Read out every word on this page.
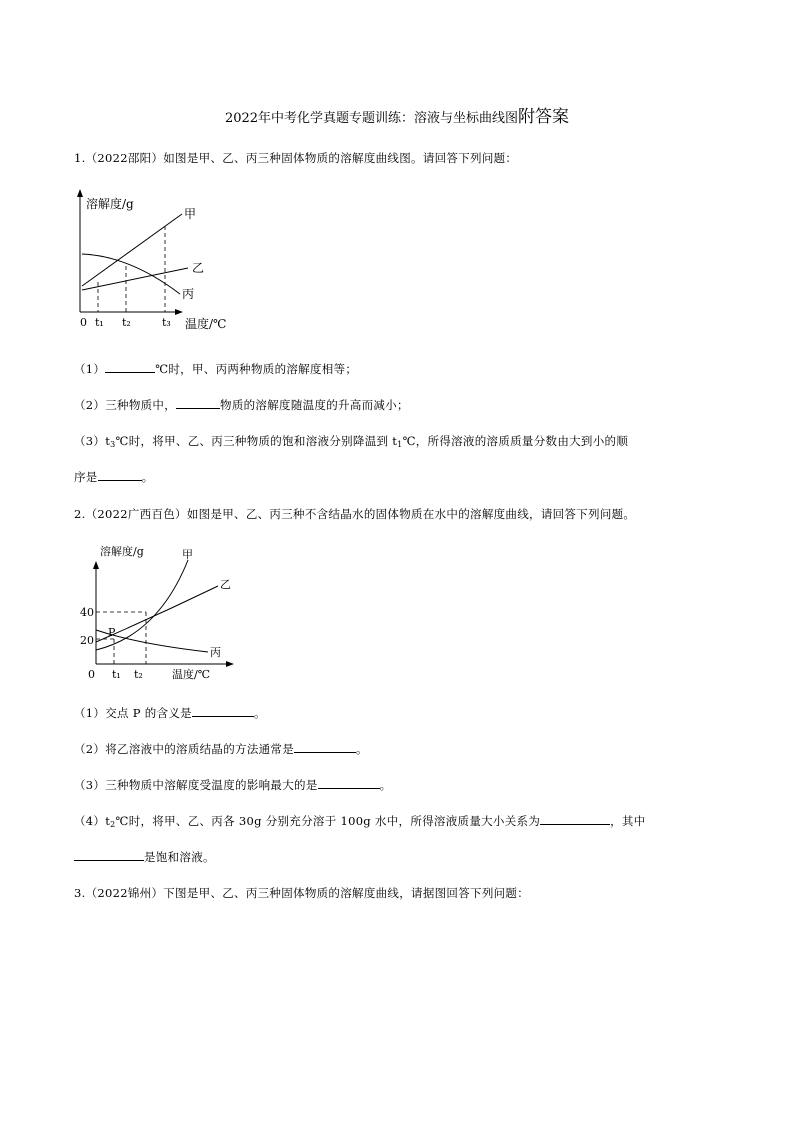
2022年中考化学真题专题训练：溶液与坐标曲线图附答案
1.（2022邵阳）如图是甲、乙、丙三种固体物质的溶解度曲线图。请回答下列问题：
溶解度/g
0 t₁ t₂	t₃ 温度/℃
甲
乙
丙
（1）	℃时，甲、丙两种物质的溶解度相等；
（2）三种物质中，	物质的溶解度随温度的升高而减小；
$(3)t_3℃$时，将甲、乙、丙三种物质的饱和溶液分别降温到 $t_1℃$，所得溶液的溶质质量分数由大到小的顺
序是	。
2.（2022广西百色）如图是甲、乙、丙三种不含结晶水的固体物质在水中的溶解度曲线，请回答下列问题。
溶解度/g
40
20
0 t₁ t₂	温度/℃
P
甲
乙
丙
（1）交点 P 的含义是	。
（2）将乙溶液中的溶质结晶的方法通常是	。
（3）三种物质中溶解度受温度的影响最大的是	。
$(4)t_2℃$时，将甲、乙、丙各 30g 分别充分溶于 100g 水中，所得溶液质量大小关系为	，其中
是饱和溶液。
3.（2022锦州）下图是甲、乙、丙三种固体物质的溶解度曲线，请据图回答下列问题：
